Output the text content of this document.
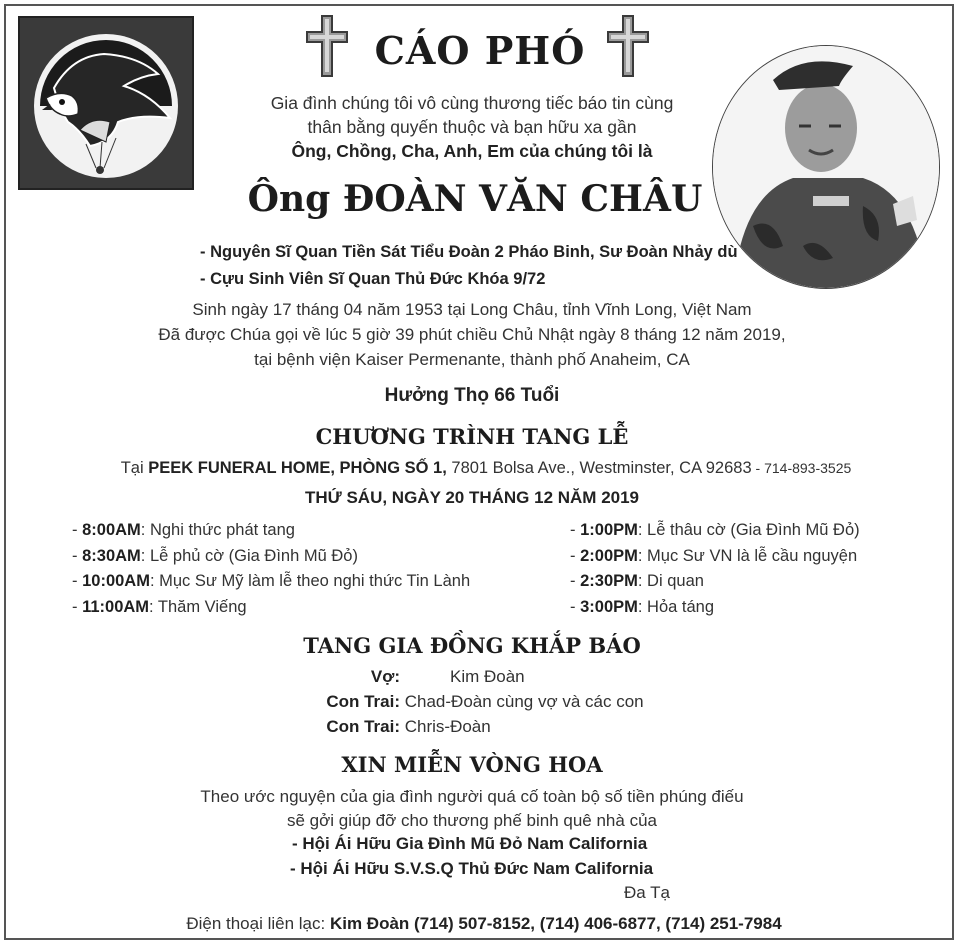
CÁO PHÓ
Gia đình chúng tôi vô cùng thương tiếc báo tin cùng
thân bằng quyến thuộc và bạn hữu xa gần
Ông, Chồng, Cha, Anh, Em của chúng tôi là
Ông ĐOÀN VĂN CHÂU
- Nguyên Sĩ Quan Tiền Sát Tiểu Đoàn 2 Pháo Binh, Sư Đoàn Nhảy dù
- Cựu Sinh Viên Sĩ Quan Thủ Đức Khóa 9/72
Sinh ngày 17 tháng 04 năm 1953 tại Long Châu, tỉnh Vĩnh Long, Việt Nam
Đã được Chúa gọi về lúc 5 giờ 39 phút chiều Chủ Nhật ngày 8 tháng 12 năm 2019,
tại bệnh viện Kaiser Permenante, thành phố Anaheim, CA
Hưởng Thọ 66 Tuổi
CHƯƠNG TRÌNH TANG LỄ
Tại PEEK FUNERAL HOME, PHÒNG SỐ 1, 7801 Bolsa Ave., Westminster, CA 92683 - 714-893-3525
THỨ SÁU, NGÀY 20 THÁNG 12 NĂM 2019
- 8:00AM: Nghi thức phát tang
- 8:30AM: Lễ phủ cờ (Gia Đình Mũ Đỏ)
- 10:00AM: Mục Sư Mỹ làm lễ theo nghi thức Tin Lành
- 11:00AM: Thăm Viếng
- 1:00PM: Lễ thâu cờ (Gia Đình Mũ Đỏ)
- 2:00PM: Mục Sư VN là lễ cầu nguyện
- 2:30PM: Di quan
- 3:00PM: Hỏa táng
TANG GIA ĐỒNG KHẮP BÁO
Vợ:	Kim Đoàn
Con Trai: Chad-Đoàn cùng vợ và các con
Con Trai: Chris-Đoàn
XIN MIỄN VÒNG HOA
Theo ước nguyện của gia đình người quá cố toàn bộ số tiền phúng điếu
sẽ gởi giúp đỡ cho thương phế binh quê nhà của
- Hội Ái Hữu Gia Đình Mũ Đỏ Nam California
- Hội Ái Hữu S.V.S.Q Thủ Đức Nam California
Đa Tạ
Điện thoại liên lạc: Kim Đoàn (714) 507-8152, (714) 406-6877, (714) 251-7984
